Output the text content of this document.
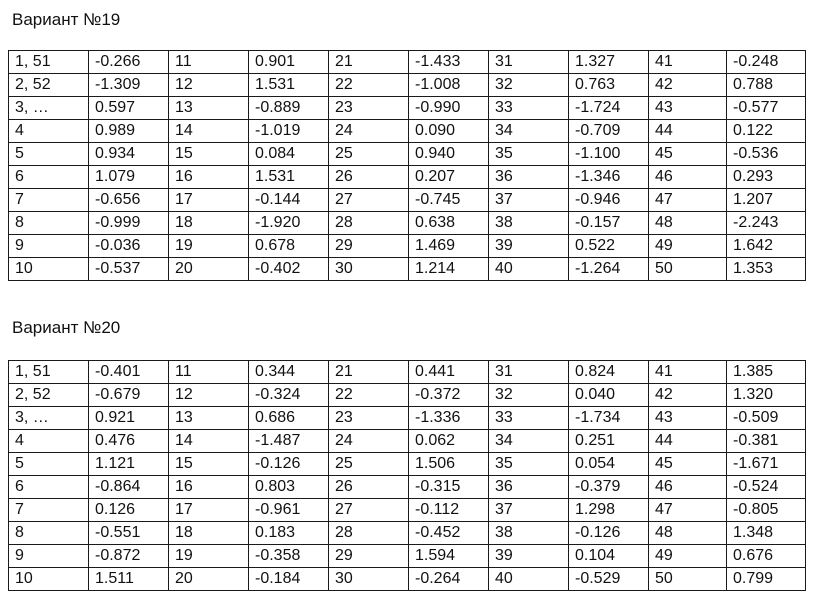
Вариант №19
1, 51	-0.266	11	0.901	21	-1.433	31	1.327	41	-0.248
2, 52	-1.309	12	1.531	22	-1.008	32	0.763	42	0.788
3, …	0.597	13	-0.889	23	-0.990	33	-1.724	43	-0.577
4	0.989	14	-1.019	24	0.090	34	-0.709	44	0.122
5	0.934	15	0.084	25	0.940	35	-1.100	45	-0.536
6	1.079	16	1.531	26	0.207	36	-1.346	46	0.293
7	-0.656	17	-0.144	27	-0.745	37	-0.946	47	1.207
8	-0.999	18	-1.920	28	0.638	38	-0.157	48	-2.243
9	-0.036	19	0.678	29	1.469	39	0.522	49	1.642
10	-0.537	20	-0.402	30	1.214	40	-1.264	50	1.353
Вариант №20
1, 51	-0.401	11	0.344	21	0.441	31	0.824	41	1.385
2, 52	-0.679	12	-0.324	22	-0.372	32	0.040	42	1.320
3, …	0.921	13	0.686	23	-1.336	33	-1.734	43	-0.509
4	0.476	14	-1.487	24	0.062	34	0.251	44	-0.381
5	1.121	15	-0.126	25	1.506	35	0.054	45	-1.671
6	-0.864	16	0.803	26	-0.315	36	-0.379	46	-0.524
7	0.126	17	-0.961	27	-0.112	37	1.298	47	-0.805
8	-0.551	18	0.183	28	-0.452	38	-0.126	48	1.348
9	-0.872	19	-0.358	29	1.594	39	0.104	49	0.676
10	1.511	20	-0.184	30	-0.264	40	-0.529	50	0.799
